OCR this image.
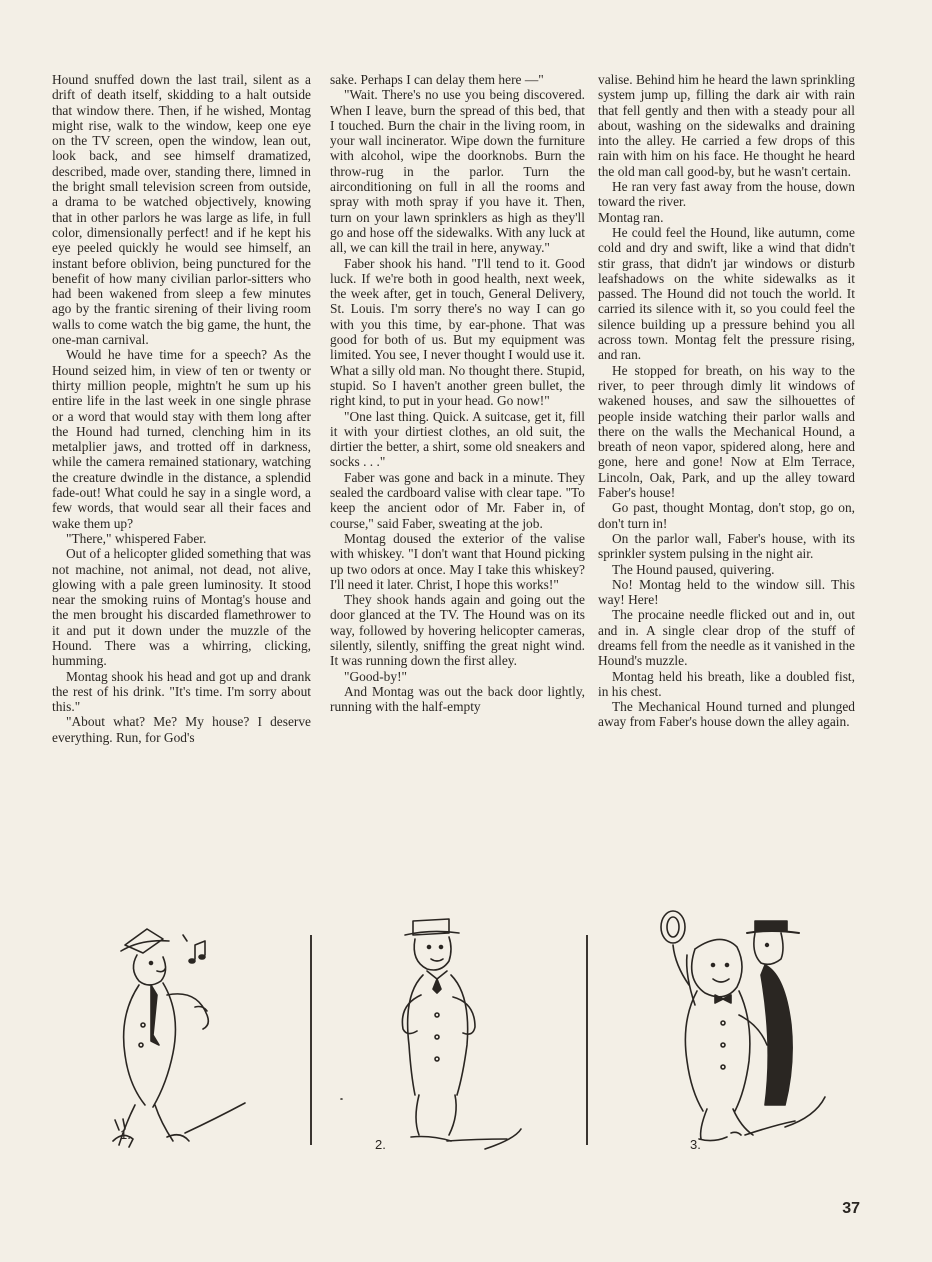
Hound snuffed down the last trail, silent as a drift of death itself, skidding to a halt outside that window there. Then, if he wished, Montag might rise, walk to the window, keep one eye on the TV screen, open the window, lean out, look back, and see himself dramatized, described, made over, standing there, limned in the bright small television screen from outside, a drama to be watched objectively, knowing that in other parlors he was large as life, in full color, dimensionally perfect! and if he kept his eye peeled quickly he would see himself, an instant before oblivion, being punctured for the benefit of how many civilian parlor-sitters who had been wakened from sleep a few minutes ago by the frantic sirening of their living room walls to come watch the big game, the hunt, the one-man carnival.

Would he have time for a speech? As the Hound seized him, in view of ten or twenty or thirty million people, mightn't he sum up his entire life in the last week in one single phrase or a word that would stay with them long after the Hound had turned, clenching him in its metalplier jaws, and trotted off in darkness, while the camera remained stationary, watching the creature dwindle in the distance, a splendid fade-out! What could he say in a single word, a few words, that would sear all their faces and wake them up?

"There," whispered Faber.

Out of a helicopter glided something that was not machine, not animal, not dead, not alive, glowing with a pale green luminosity. It stood near the smoking ruins of Montag's house and the men brought his discarded flamethrower to it and put it down under the muzzle of the Hound. There was a whirring, clicking, humming.

Montag shook his head and got up and drank the rest of his drink. "It's time. I'm sorry about this."

"About what? Me? My house? I deserve everything. Run, for God's

sake. Perhaps I can delay them here —"

"Wait. There's no use you being discovered. When I leave, burn the spread of this bed, that I touched. Burn the chair in the living room, in your wall incinerator. Wipe down the furniture with alcohol, wipe the doorknobs. Burn the throw-rug in the parlor. Turn the airconditioning on full in all the rooms and spray with moth spray if you have it. Then, turn on your lawn sprinklers as high as they'll go and hose off the sidewalks. With any luck at all, we can kill the trail in here, anyway."

Faber shook his hand. "I'll tend to it. Good luck. If we're both in good health, next week, the week after, get in touch, General Delivery, St. Louis. I'm sorry there's no way I can go with you this time, by ear-phone. That was good for both of us. But my equipment was limited. You see, I never thought I would use it. What a silly old man. No thought there. Stupid, stupid. So I haven't another green bullet, the right kind, to put in your head. Go now!"

"One last thing. Quick. A suitcase, get it, fill it with your dirtiest clothes, an old suit, the dirtier the better, a shirt, some old sneakers and socks . . ."

Faber was gone and back in a minute. They sealed the cardboard valise with clear tape. "To keep the ancient odor of Mr. Faber in, of course," said Faber, sweating at the job.

Montag doused the exterior of the valise with whiskey. "I don't want that Hound picking up two odors at once. May I take this whiskey? I'll need it later. Christ, I hope this works!"

They shook hands again and going out the door glanced at the TV. The Hound was on its way, followed by hovering helicopter cameras, silently, silently, sniffing the great night wind. It was running down the first alley.

"Good-by!"

And Montag was out the back door lightly, running with the half-empty

valise. Behind him he heard the lawn sprinkling system jump up, filling the dark air with rain that fell gently and then with a steady pour all about, washing on the sidewalks and draining into the alley. He carried a few drops of this rain with him on his face. He thought he heard the old man call good-by, but he wasn't certain.

He ran very fast away from the house, down toward the river.

Montag ran.

He could feel the Hound, like autumn, come cold and dry and swift, like a wind that didn't stir grass, that didn't jar windows or disturb leafshadows on the white sidewalks as it passed. The Hound did not touch the world. It carried its silence with it, so you could feel the silence building up a pressure behind you all across town. Montag felt the pressure rising, and ran.

He stopped for breath, on his way to the river, to peer through dimly lit windows of wakened houses, and saw the silhouettes of people inside watching their parlor walls and there on the walls the Mechanical Hound, a breath of neon vapor, spidered along, here and gone, here and gone! Now at Elm Terrace, Lincoln, Oak, Park, and up the alley toward Faber's house!

Go past, thought Montag, don't stop, go on, don't turn in!

On the parlor wall, Faber's house, with its sprinkler system pulsing in the night air.

The Hound paused, quivering.

No! Montag held to the window sill. This way! Here!

The procaine needle flicked out and in, out and in. A single clear drop of the stuff of dreams fell from the needle as it vanished in the Hound's muzzle.

Montag held his breath, like a doubled fist, in his chest.

The Mechanical Hound turned and plunged away from Faber's house down the alley again.

1.
2.	3.
37
